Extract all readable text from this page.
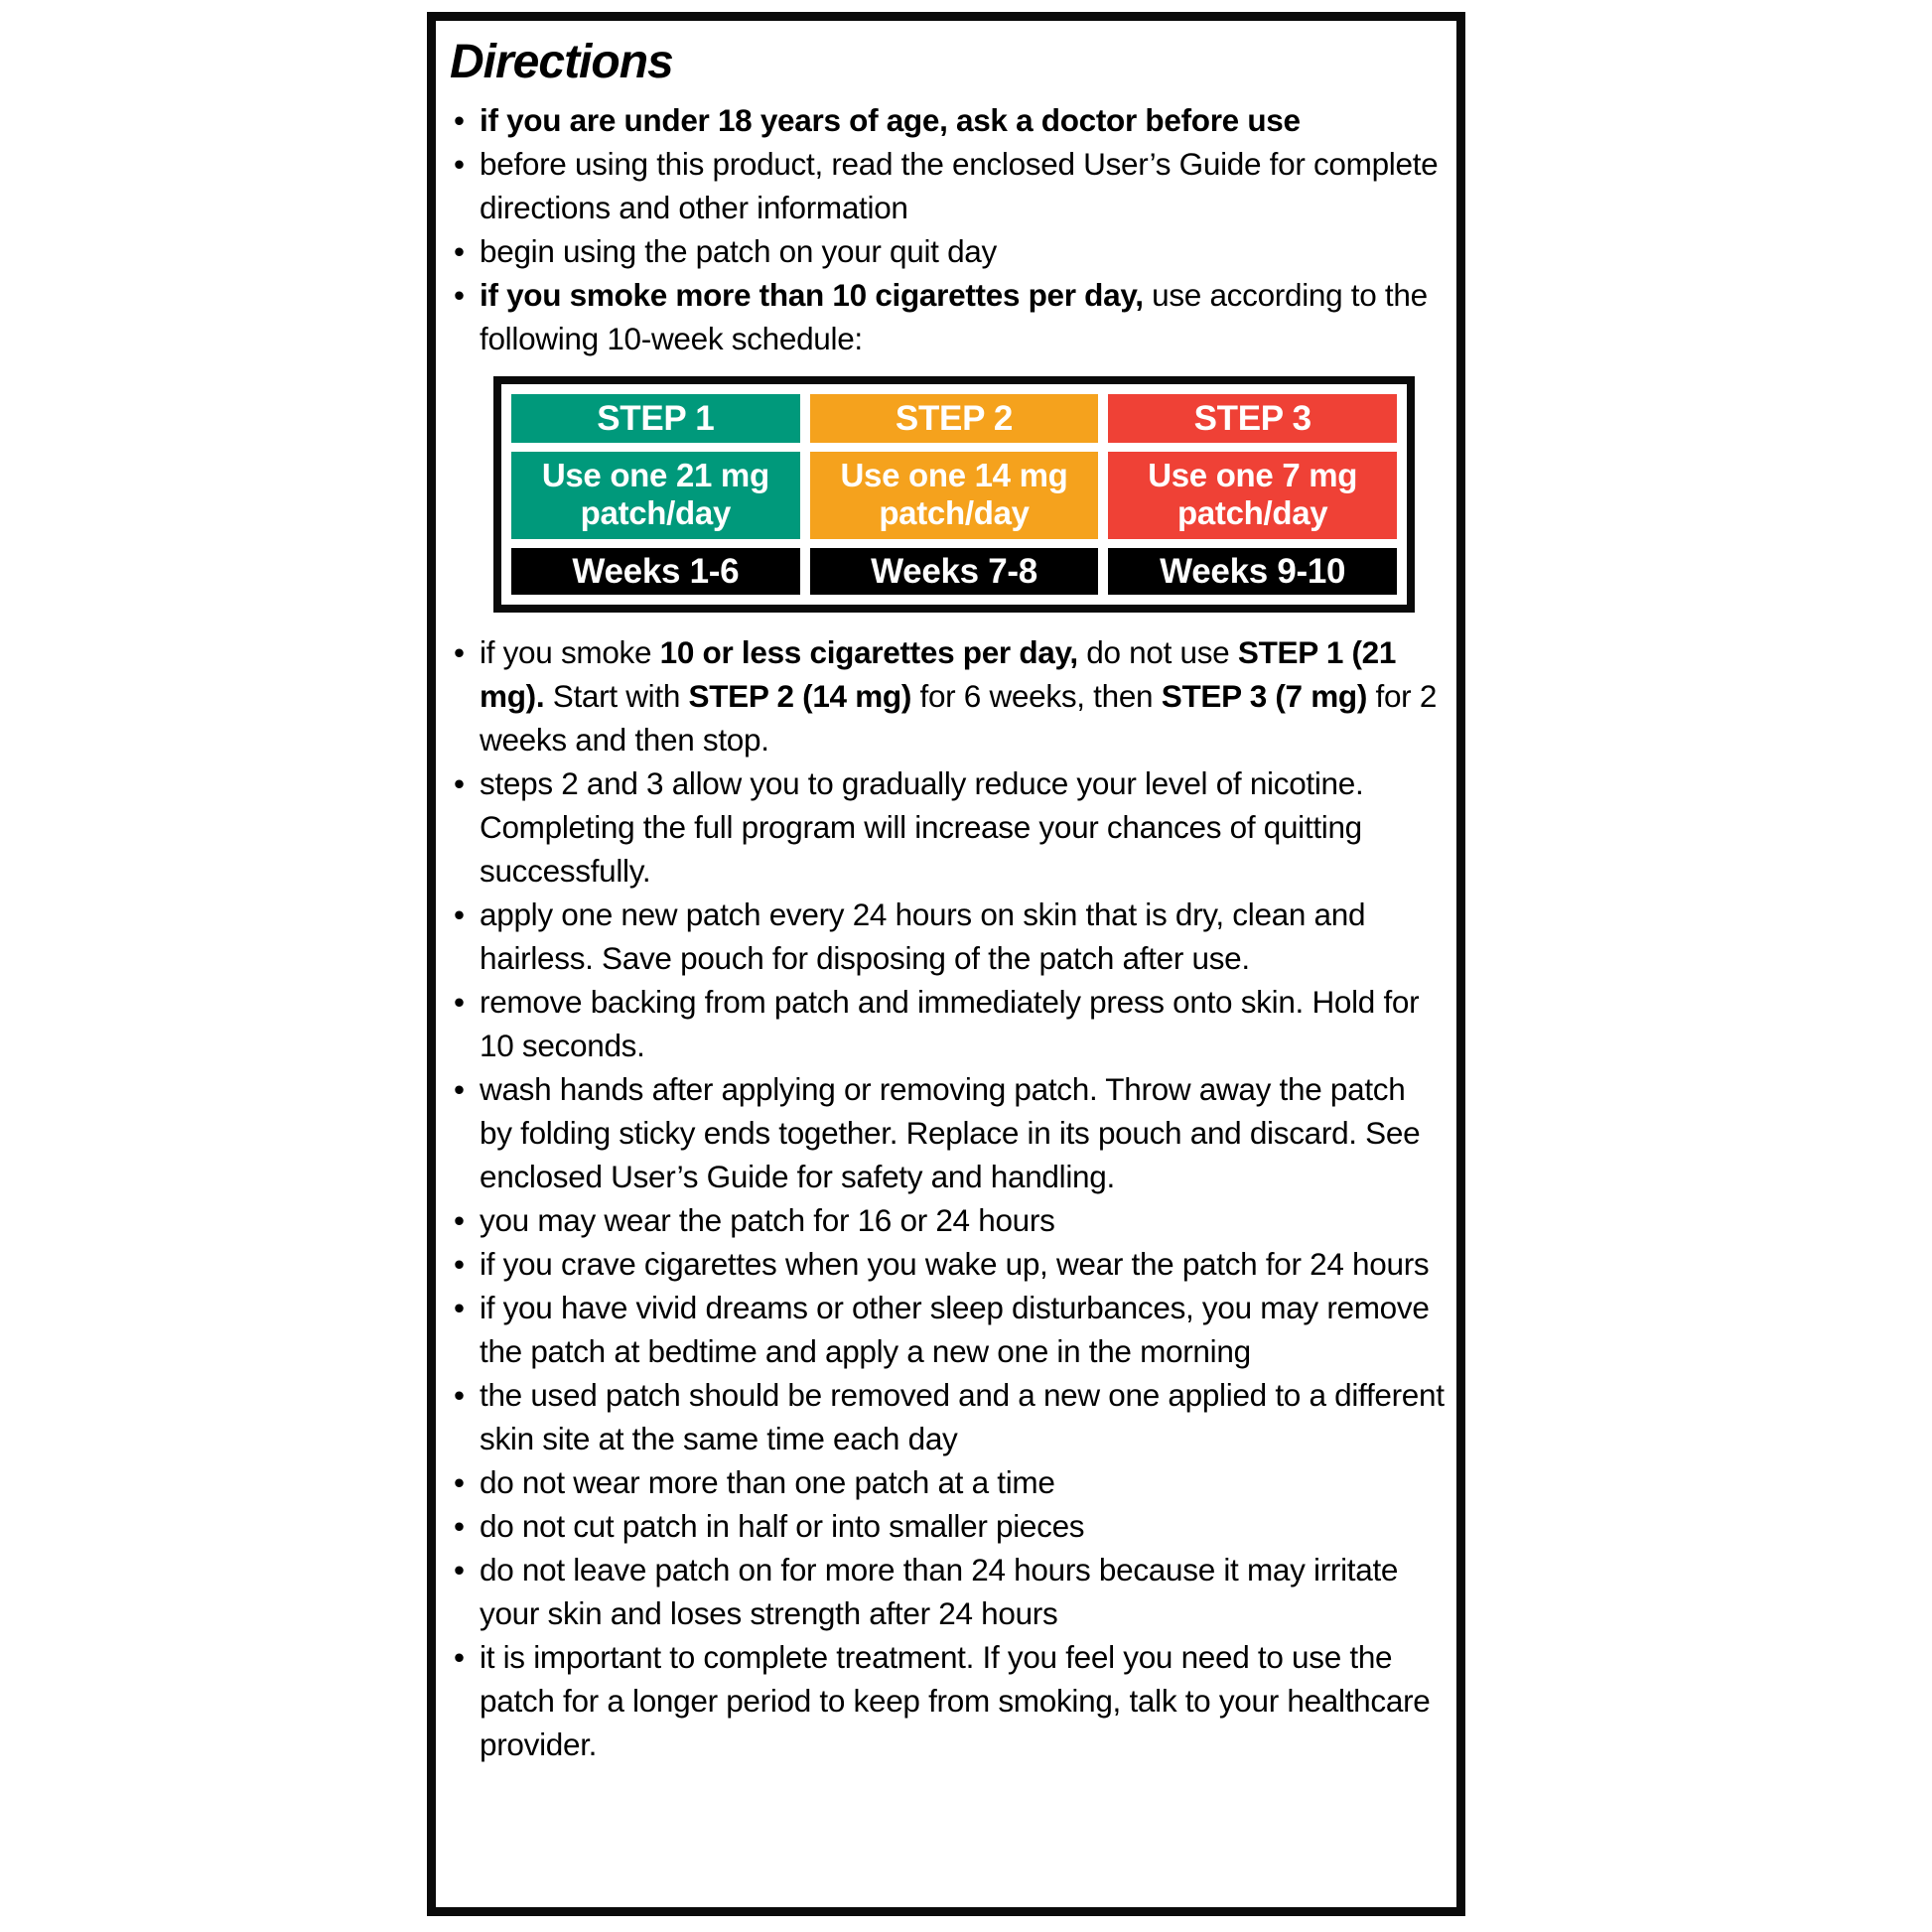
Directions
• if you are under 18 years of age, ask a doctor before use
• before using this product, read the enclosed User’s Guide for complete directions and other information
• begin using the patch on your quit day
• if you smoke more than 10 cigarettes per day, use according to the following 10-week schedule:
STEP 1
Use one 21 mg
patch/day
Weeks 1-6
STEP 2
Use one 14 mg
patch/day
Weeks 7-8
STEP 3
Use one 7 mg
patch/day
Weeks 9-10
• if you smoke 10 or less cigarettes per day, do not use STEP 1 (21 mg). Start with STEP 2 (14 mg) for 6 weeks, then STEP 3 (7 mg) for 2 weeks and then stop.
• steps 2 and 3 allow you to gradually reduce your level of nicotine. Completing the full program will increase your chances of quitting successfully.
• apply one new patch every 24 hours on skin that is dry, clean and hairless. Save pouch for disposing of the patch after use.
• remove backing from patch and immediately press onto skin. Hold for 10 seconds.
• wash hands after applying or removing patch. Throw away the patch by folding sticky ends together. Replace in its pouch and discard. See enclosed User’s Guide for safety and handling.
• you may wear the patch for 16 or 24 hours
• if you crave cigarettes when you wake up, wear the patch for 24 hours
• if you have vivid dreams or other sleep disturbances, you may remove the patch at bedtime and apply a new one in the morning
• the used patch should be removed and a new one applied to a different skin site at the same time each day
• do not wear more than one patch at a time
• do not cut patch in half or into smaller pieces
• do not leave patch on for more than 24 hours because it may irritate your skin and loses strength after 24 hours
• it is important to complete treatment. If you feel you need to use the patch for a longer period to keep from smoking, talk to your healthcare provider.
